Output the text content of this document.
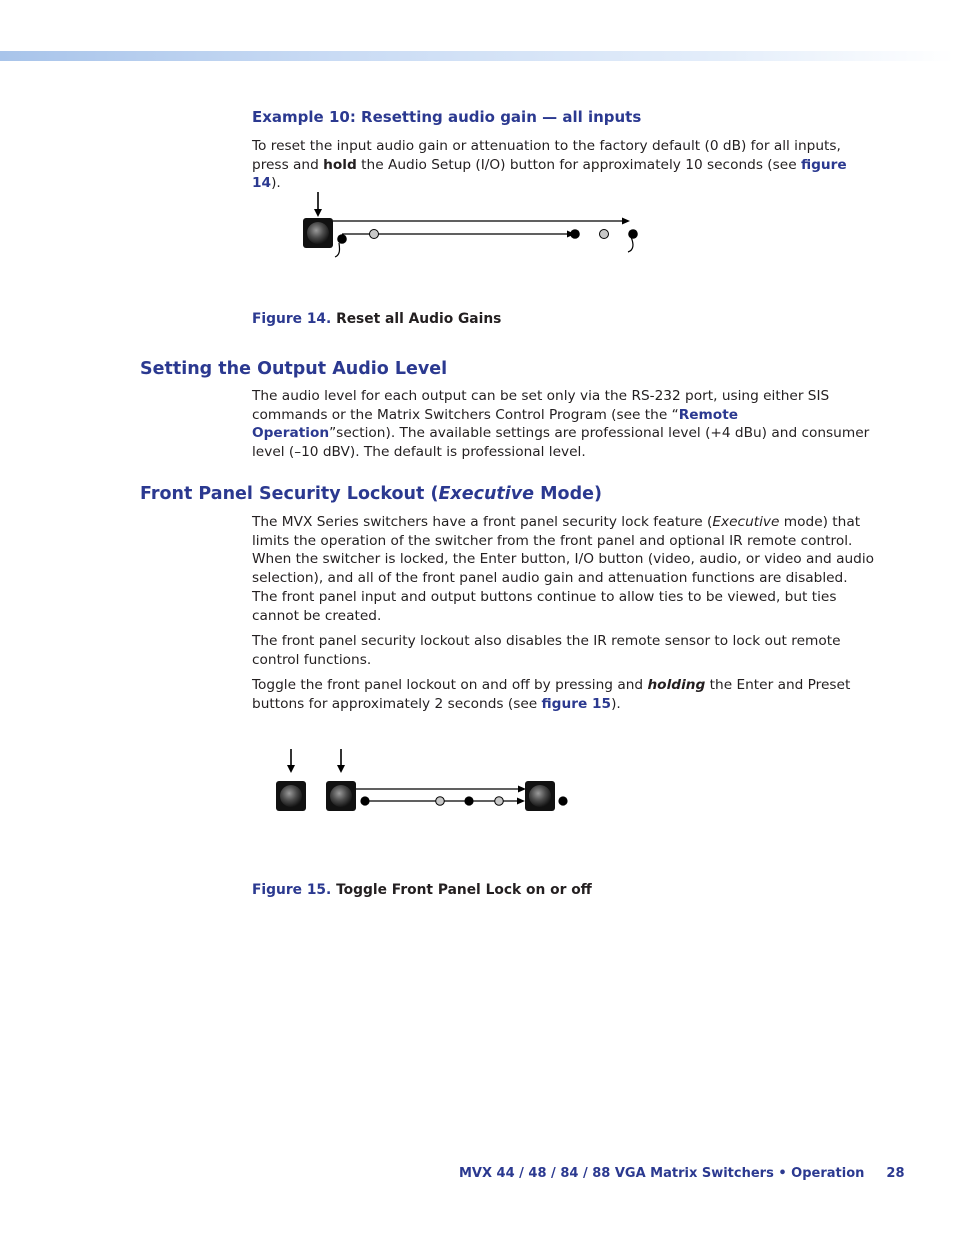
Example 10: Resetting audio gain — all inputs

To reset the input audio gain or attenuation to the factory default (0 dB) for all inputs, press and hold the Audio Setup (I/O) button for approximately 10 seconds (see figure 14).

Figure 14. Reset all Audio Gains

Setting the Output Audio Level

The audio level for each output can be set only via the RS-232 port, using either SIS commands or the Matrix Switchers Control Program (see the “Remote Operation”section). The available settings are professional level (+4 dBu) and consumer level (–10 dBV). The default is professional level.

Front Panel Security Lockout (Executive Mode)

The MVX Series switchers have a front panel security lock feature (Executive mode) that limits the operation of the switcher from the front panel and optional IR remote control. When the switcher is locked, the Enter button, I/O button (video, audio, or video and audio selection), and all of the front panel audio gain and attenuation functions are disabled. The front panel input and output buttons continue to allow ties to be viewed, but ties cannot be created.

The front panel security lockout also disables the IR remote sensor to lock out remote control functions.

Toggle the front panel lockout on and off by pressing and holding the Enter and Preset buttons for approximately 2 seconds (see figure 15).

Figure 15. Toggle Front Panel Lock on or off

MVX 44 / 48 / 84 / 88 VGA Matrix Switchers • Operation 28
